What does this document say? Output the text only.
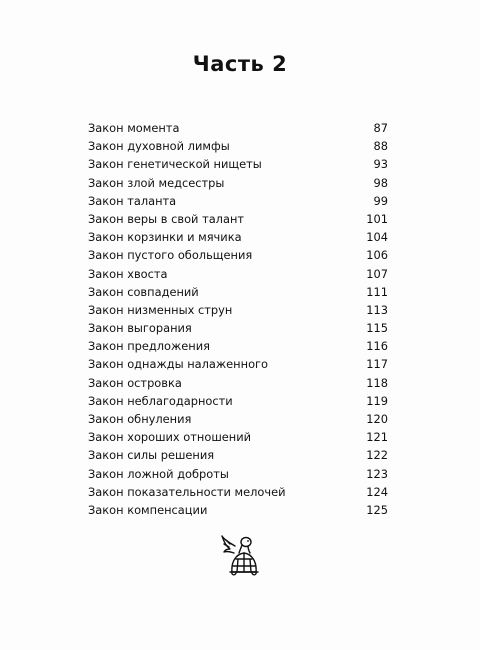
Часть 2
Закон момента	87
Закон духовной лимфы	88
Закон генетической нищеты	93
Закон злой медсестры	98
Закон таланта	99
Закон веры в свой талант	101
Закон корзинки и мячика	104
Закон пустого обольщения	106
Закон хвоста	107
Закон совпадений	111
Закон низменных струн	113
Закон выгорания	115
Закон предложения	116
Закон однажды налаженного	117
Закон островка	118
Закон неблагодарности	119
Закон обнуления	120
Закон хороших отношений	121
Закон силы решения	122
Закон ложной доброты	123
Закон показательности мелочей	124
Закон компенсации	125
